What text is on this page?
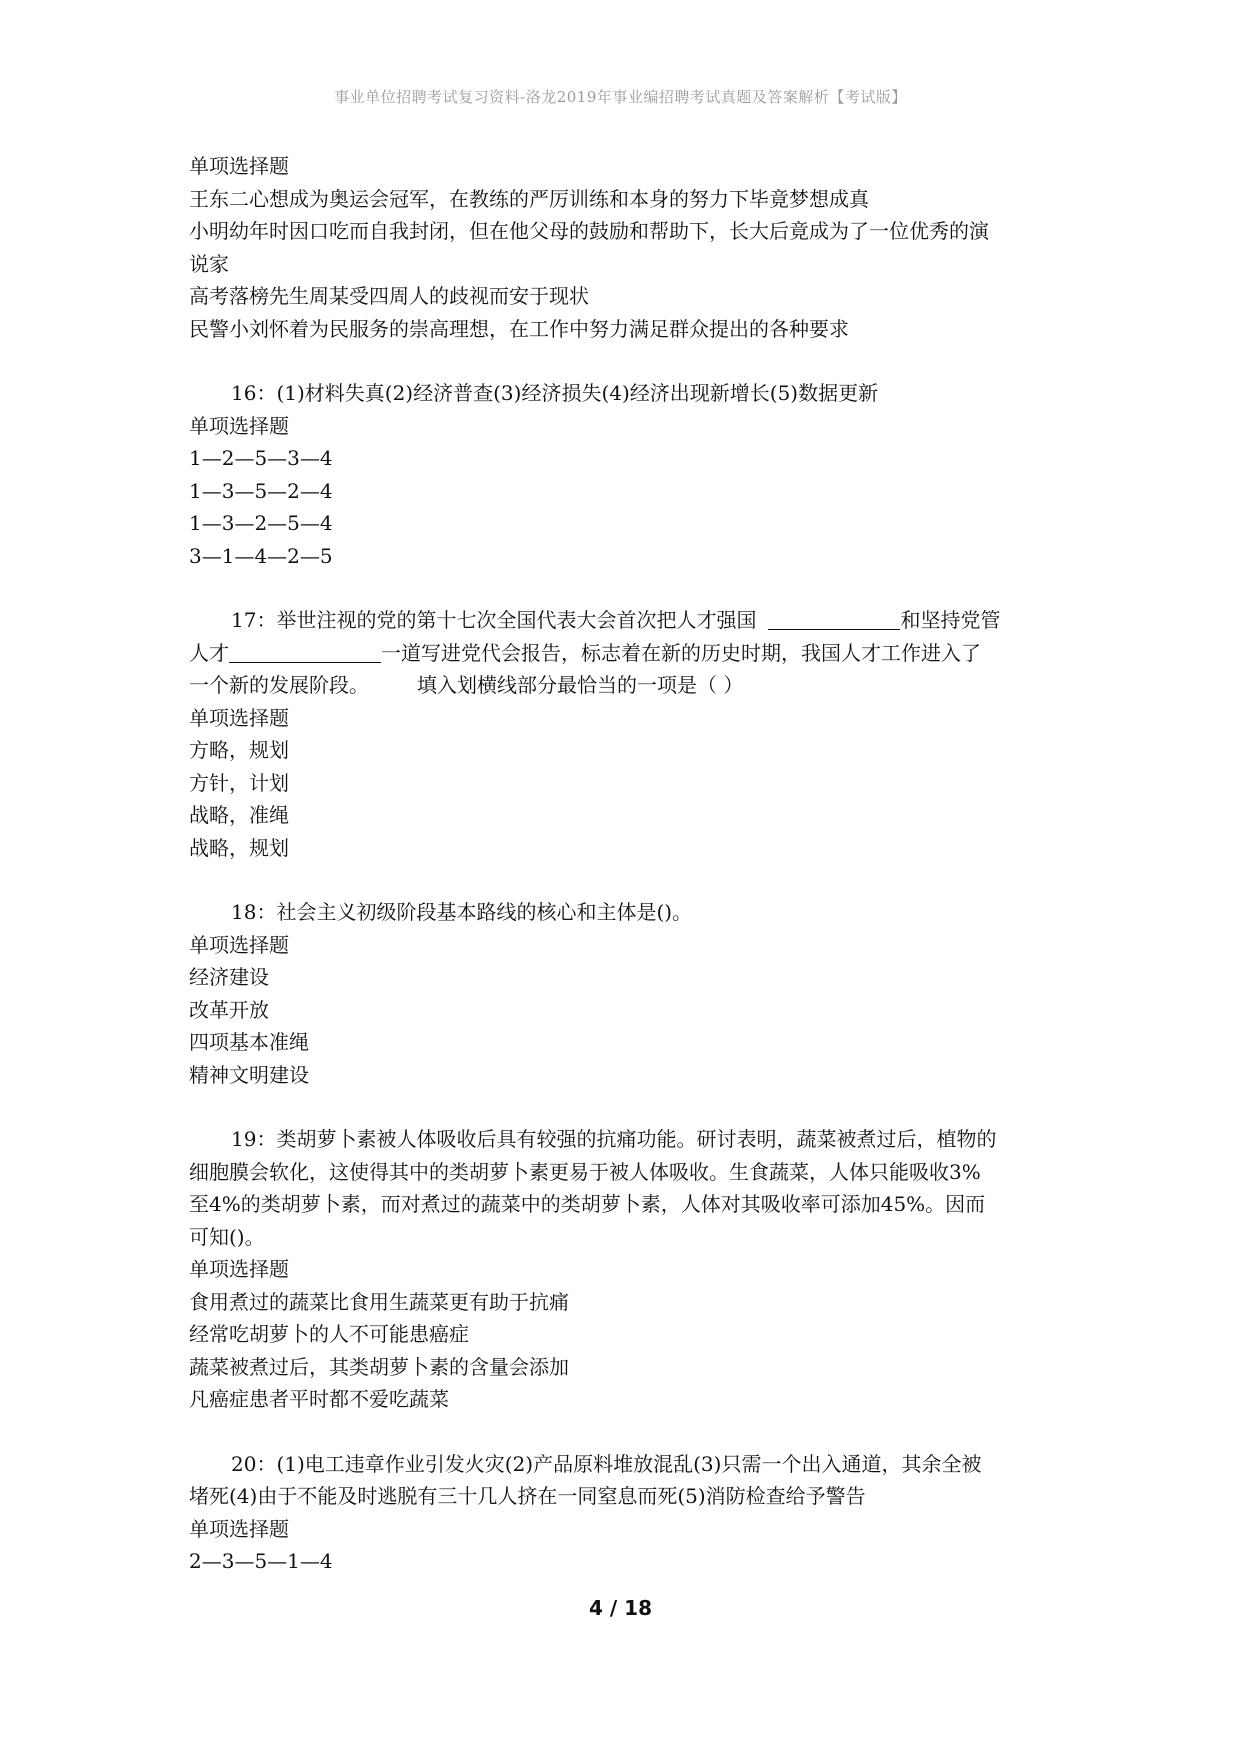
事业单位招聘考试复习资料-洛龙2019年事业编招聘考试真题及答案解析【考试版】
单项选择题
王东二心想成为奥运会冠军，在教练的严厉训练和本身的努力下毕竟梦想成真
小明幼年时因口吃而自我封闭，但在他父母的鼓励和帮助下，长大后竟成为了一位优秀的演
说家
高考落榜先生周某受四周人的歧视而安于现状
民警小刘怀着为民服务的崇高理想，在工作中努力满足群众提出的各种要求
16：(1)材料失真(2)经济普查(3)经济损失(4)经济出现新增长(5)数据更新
单项选择题
1—2—5—3—4
1—3—5—2—4
1—3—2—5—4
3—1—4—2—5
17：举世注视的党的第十七次全国代表大会首次把人才强国	和坚持党管
人才	一道写进党代会报告，标志着在新的历史时期，我国人才工作进入了
一个新的发展阶段。 填入划横线部分最恰当的一项是（ ）
单项选择题
方略，规划
方针，计划
战略，准绳
战略，规划
18：社会主义初级阶段基本路线的核心和主体是()。
单项选择题
经济建设
改革开放
四项基本准绳
精神文明建设
19：类胡萝卜素被人体吸收后具有较强的抗痛功能。研讨表明，蔬菜被煮过后，植物的
细胞膜会软化，这使得其中的类胡萝卜素更易于被人体吸收。生食蔬菜，人体只能吸收3%
至4%的类胡萝卜素，而对煮过的蔬菜中的类胡萝卜素，人体对其吸收率可添加45%。因而
可知()。
单项选择题
食用煮过的蔬菜比食用生蔬菜更有助于抗痛
经常吃胡萝卜的人不可能患癌症
蔬菜被煮过后，其类胡萝卜素的含量会添加
凡癌症患者平时都不爱吃蔬菜
20：(1)电工违章作业引发火灾(2)产品原料堆放混乱(3)只需一个出入通道，其余全被
堵死(4)由于不能及时逃脱有三十几人挤在一同窒息而死(5)消防检查给予警告
单项选择题
2—3—5—1—4
4 / 18
